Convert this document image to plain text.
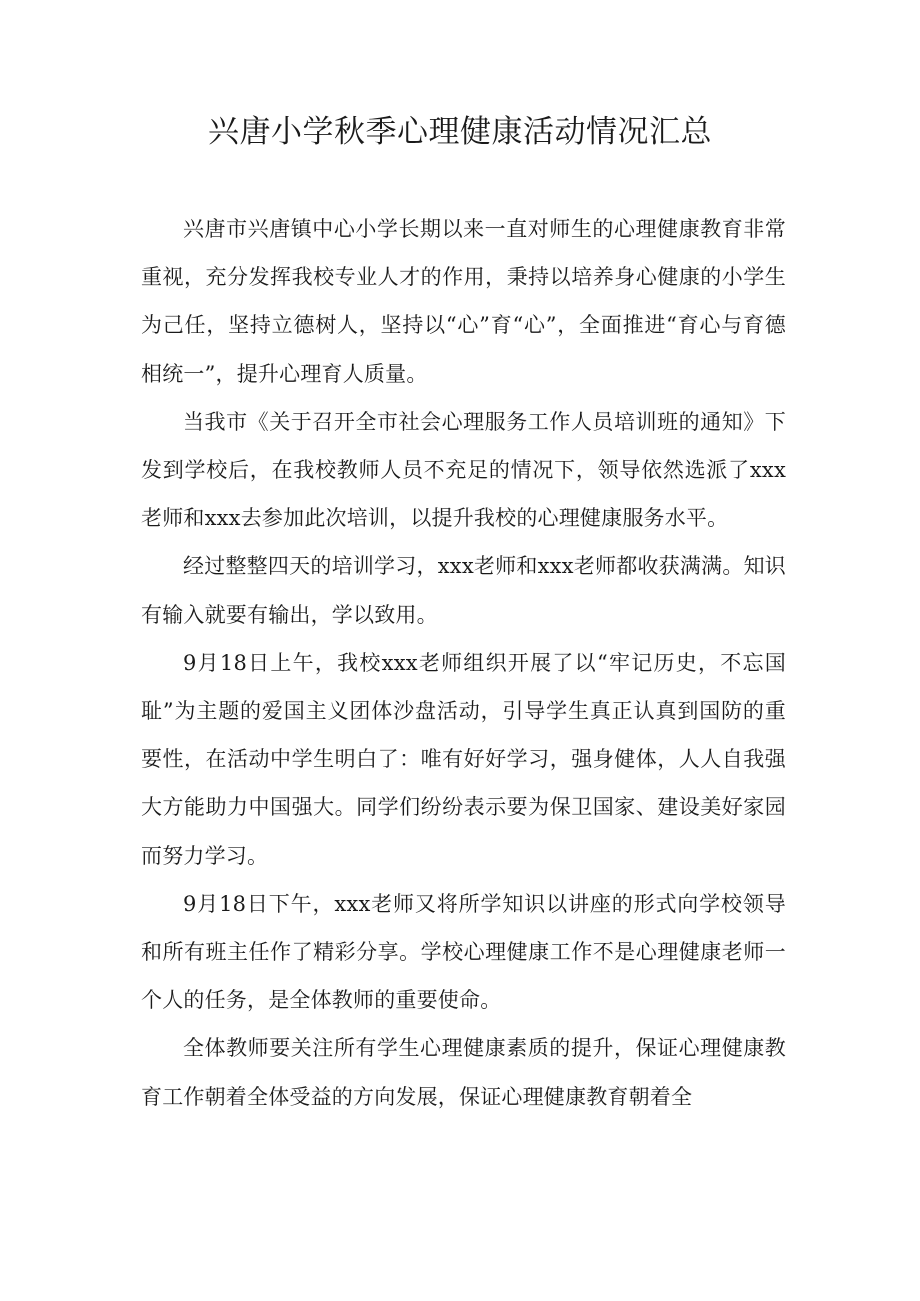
兴唐小学秋季心理健康活动情况汇总

兴唐市兴唐镇中心小学长期以来一直对师生的心理健康教育非常重视，充分发挥我校专业人才的作用，秉持以培养身心健康的小学生为己任，坚持立德树人，坚持以“心”育“心”，全面推进“育心与育德相统一”，提升心理育人质量。

当我市《关于召开全市社会心理服务工作人员培训班的通知》下发到学校后，在我校教师人员不充足的情况下，领导依然选派了xxx老师和xxx去参加此次培训，以提升我校的心理健康服务水平。

经过整整四天的培训学习，xxx老师和xxx老师都收获满满。知识有输入就要有输出，学以致用。

9月18日上午，我校xxx老师组织开展了以“牢记历史，不忘国耻”为主题的爱国主义团体沙盘活动，引导学生真正认真到国防的重要性，在活动中学生明白了：唯有好好学习，强身健体，人人自我强大方能助力中国强大。同学们纷纷表示要为保卫国家、建设美好家园而努力学习。

9月18日下午，xxx老师又将所学知识以讲座的形式向学校领导和所有班主任作了精彩分享。学校心理健康工作不是心理健康老师一个人的任务，是全体教师的重要使命。

全体教师要关注所有学生心理健康素质的提升，保证心理健康教育工作朝着全体受益的方向发展，保证心理健康教育朝着全
